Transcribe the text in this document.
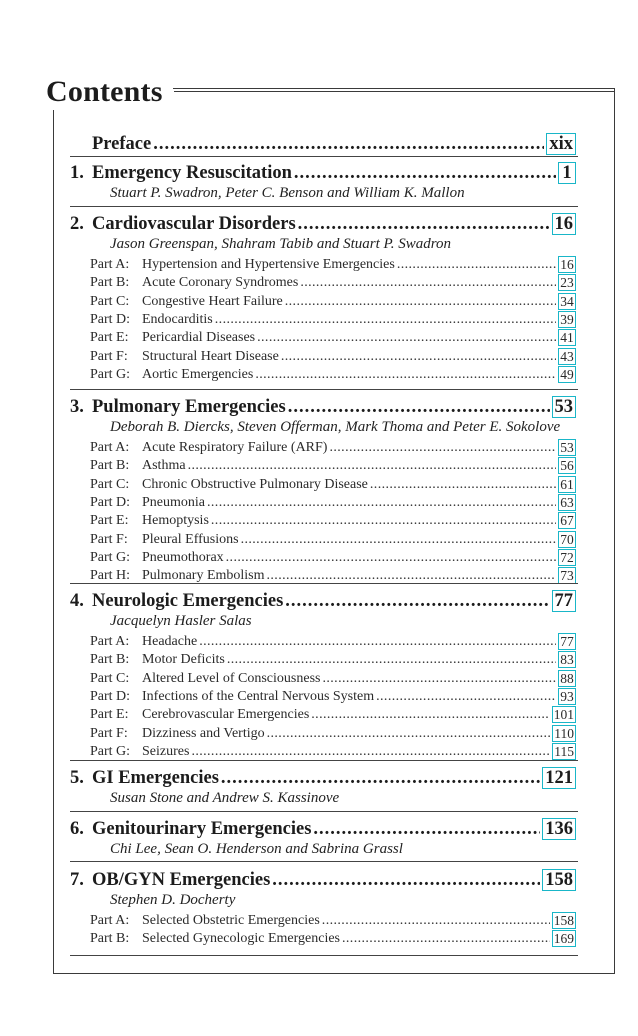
Contents
Preface .....	xix
1. Emergency Resuscitation .....	1
Stuart P. Swadron, Peter C. Benson and William K. Mallon
2. Cardiovascular Disorders .....	16
Jason Greenspan, Shahram Tabib and Stuart P. Swadron
Part A: Hypertension and Hypertensive Emergencies .....	16
Part B: Acute Coronary Syndromes .....	23
Part C: Congestive Heart Failure .....	34
Part D: Endocarditis .....	39
Part E: Pericardial Diseases .....	41
Part F:	Structural Heart Disease .....	43
Part G: Aortic Emergencies .....	49
3. Pulmonary Emergencies .....	53
Deborah B. Diercks, Steven Offerman, Mark Thoma and Peter E. Sokolove
Part A: Acute Respiratory Failure (ARF) .....	53
Part B: Asthma .....	56
Part C: Chronic Obstructive Pulmonary Disease .....	61
Part D: Pneumonia .....	63
Part E: Hemoptysis .....	67
Part F:	Pleural Effusions .....	70
Part G: Pneumothorax .....	72
Part H: Pulmonary Embolism .....	73
4. Neurologic Emergencies .....	77
Jacquelyn Hasler Salas
Part A: Headache .....	77
Part B: Motor Deficits .....	83
Part C: Altered Level of Consciousness .....	88
Part D: Infections of the Central Nervous System .....	93
Part E: Cerebrovascular Emergencies .....	101
Part F:	Dizziness and Vertigo .....	110
Part G: Seizures .....	115
5. GI Emergencies .....	121
Susan Stone and Andrew S. Kassinove
6. Genitourinary Emergencies .....	136
Chi Lee, Sean O. Henderson and Sabrina Grassl
7. OB/GYN Emergencies .....	158
Stephen D. Docherty
Part A: Selected Obstetric Emergencies .....	158
Part B: Selected Gynecologic Emergencies .....	169
